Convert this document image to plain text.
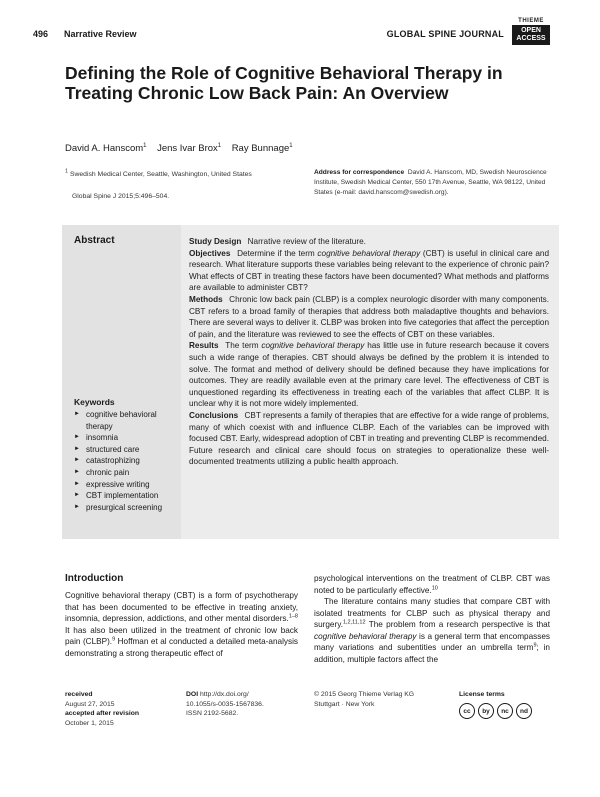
496 Narrative Review	GLOBAL SPINE JOURNAL
THIEME
OPEN
ACCESS
Defining the Role of Cognitive Behavioral Therapy in Treating Chronic Low Back Pain: An Overview
David A. Hanscom$^1$ Jens Ivar Brox$^1$ Ray Bunnage$^1$
$^1$ Swedish Medical Center, Seattle, Washington, United States
Global Spine J 2015;5:496–504.
Address for correspondence David A. Hanscom, MD, Swedish Neuroscience Institute, Swedish Medical Center, 550 17th Avenue, Seattle, WA 98122, United States (e-mail: david.hanscom@swedish.org).
Abstract
Keywords
► cognitive behavioral therapy
► insomnia
► structured care
► catastrophizing
► chronic pain
► expressive writing
► CBT implementation
► presurgical screening

Study Design Narrative review of the literature.

Objectives Determine if the term cognitive behavioral therapy (CBT) is useful in clinical care and research. What literature supports these variables being relevant to the experience of chronic pain? What effects of CBT in treating these factors have been documented? What methods and platforms are available to administer CBT?

Methods Chronic low back pain (CLBP) is a complex neurologic disorder with many components. CBT refers to a broad family of therapies that address both maladaptive thoughts and behaviors. There are several ways to deliver it. CLBP was broken into five categories that affect the perception of pain, and the literature was reviewed to see the effects of CBT on these variables.

Results The term cognitive behavioral therapy has little use in future research because it covers such a wide range of therapies. CBT should always be defined by the problem it is intended to solve. The format and method of delivery should be defined because they have implications for outcomes. They are readily available even at the primary care level. The effectiveness of CBT is unquestioned regarding its effectiveness in treating each of the variables that affect CLBP. It is unclear why it is not more widely implemented.

Conclusions CBT represents a family of therapies that are effective for a wide range of problems, many of which coexist with and influence CLBP. Each of the variables can be improved with focused CBT. Early, widespread adoption of CBT in treating and preventing CLBP is recommended. Future research and clinical care should focus on strategies to operationalize these well-documented treatments utilizing a public health approach.

Introduction

Cognitive behavioral therapy (CBT) is a form of psychotherapy that has been documented to be effective in treating anxiety, insomnia, depression, addictions, and other mental disorders.$^{1-8}$ It has also been utilized in the treatment of chronic low back pain (CLBP).$^9$ Hoffman et al conducted a detailed meta-analysis demonstrating a strong therapeutic effect of

psychological interventions on the treatment of CLBP. CBT was noted to be particularly effective.$^{10}$

The literature contains many studies that compare CBT with isolated treatments for CLBP such as physical therapy and surgery.$^{1,2,11,12}$ The problem from a research perspective is that cognitive behavioral therapy is a general term that encompasses many variations and subentities under an umbrella term$^9$; in addition, multiple factors affect the

received
August 27, 2015
accepted after revision
October 1, 2015
DOI http://dx.doi.org/
10.1055/s-0035-1567836.
ISSN 2192-5682.
© 2015 Georg Thieme Verlag KG
Stuttgart · New York
License terms
cc	by	nc	nd
